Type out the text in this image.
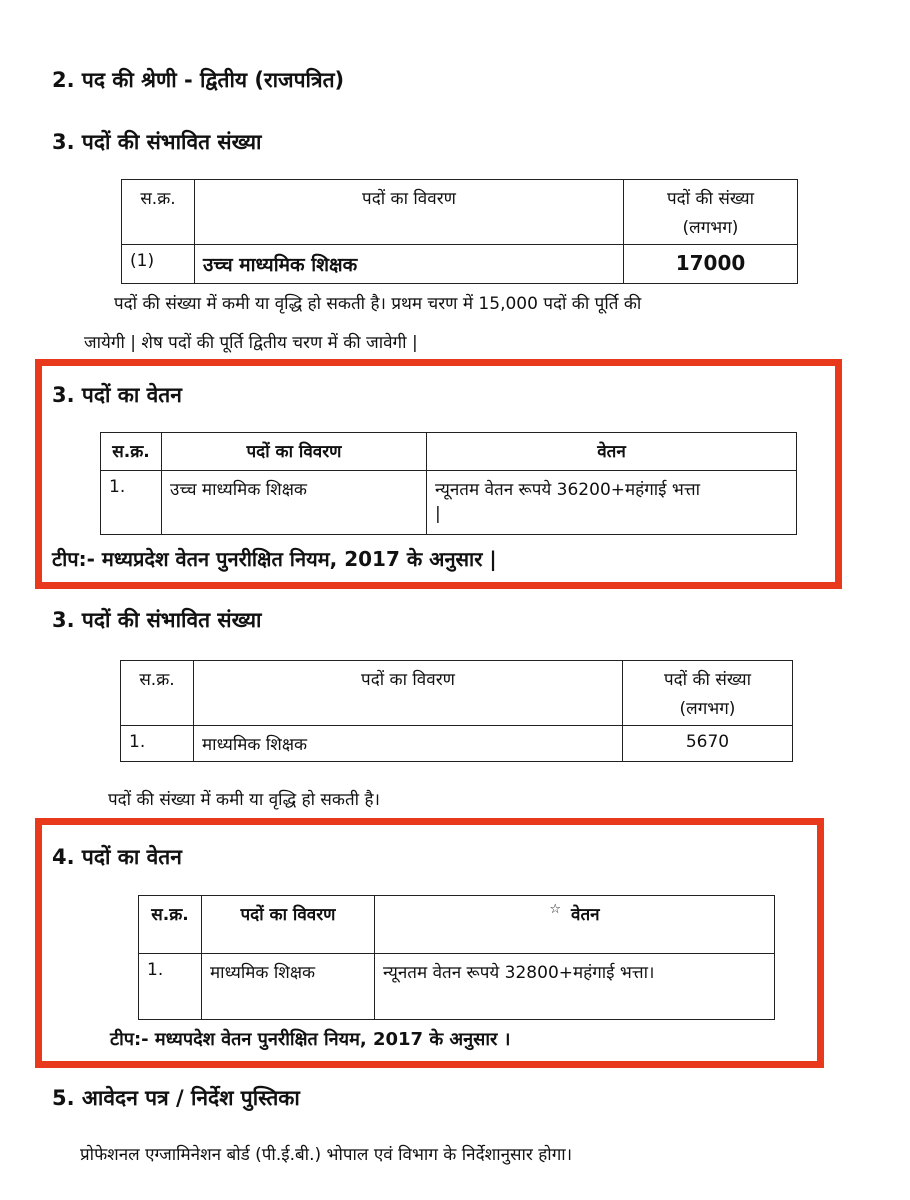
2. पद की श्रेणी - द्वितीय (राजपत्रित)
3. पदों की संभावित संख्या
स.क्र.	पदों का विवरण	पदों की संख्या
(लगभग)

(1)	उच्च माध्यमिक शिक्षक	17000
पदों की संख्या में कमी या वृद्धि हो सकती है। प्रथम चरण में 15,000 पदों की पूर्ति की
जायेगी | शेष पदों की पूर्ति द्वितीय चरण में की जावेगी |
3. पदों का वेतन
स.क्र.	पदों का विवरण	वेतन
1.	उच्च माध्यमिक शिक्षक	न्यूनतम वेतन रूपये 36200+महंगाई भत्ता
|
टीप:- मध्यप्रदेश वेतन पुनरीक्षित नियम, 2017 के अनुसार |
3. पदों की संभावित संख्या
स.क्र.	पदों का विवरण	पदों की संख्या
(लगभग)

1.	माध्यमिक शिक्षक	5670
पदों की संख्या में कमी या वृद्धि हो सकती है।
4. पदों का वेतन
स.क्र.	पदों का विवरण	☆ वेतन
1.	माध्यमिक शिक्षक	न्यूनतम वेतन रूपये 32800+महंगाई भत्ता।
टीप:- मध्यपदेश वेतन पुनरीक्षित नियम, 2017 के अनुसार ।
5. आवेदन पत्र / निर्देश पुस्तिका
प्रोफेशनल एग्जामिनेशन बोर्ड (पी.ई.बी.) भोपाल एवं विभाग के निर्देशानुसार होगा।
